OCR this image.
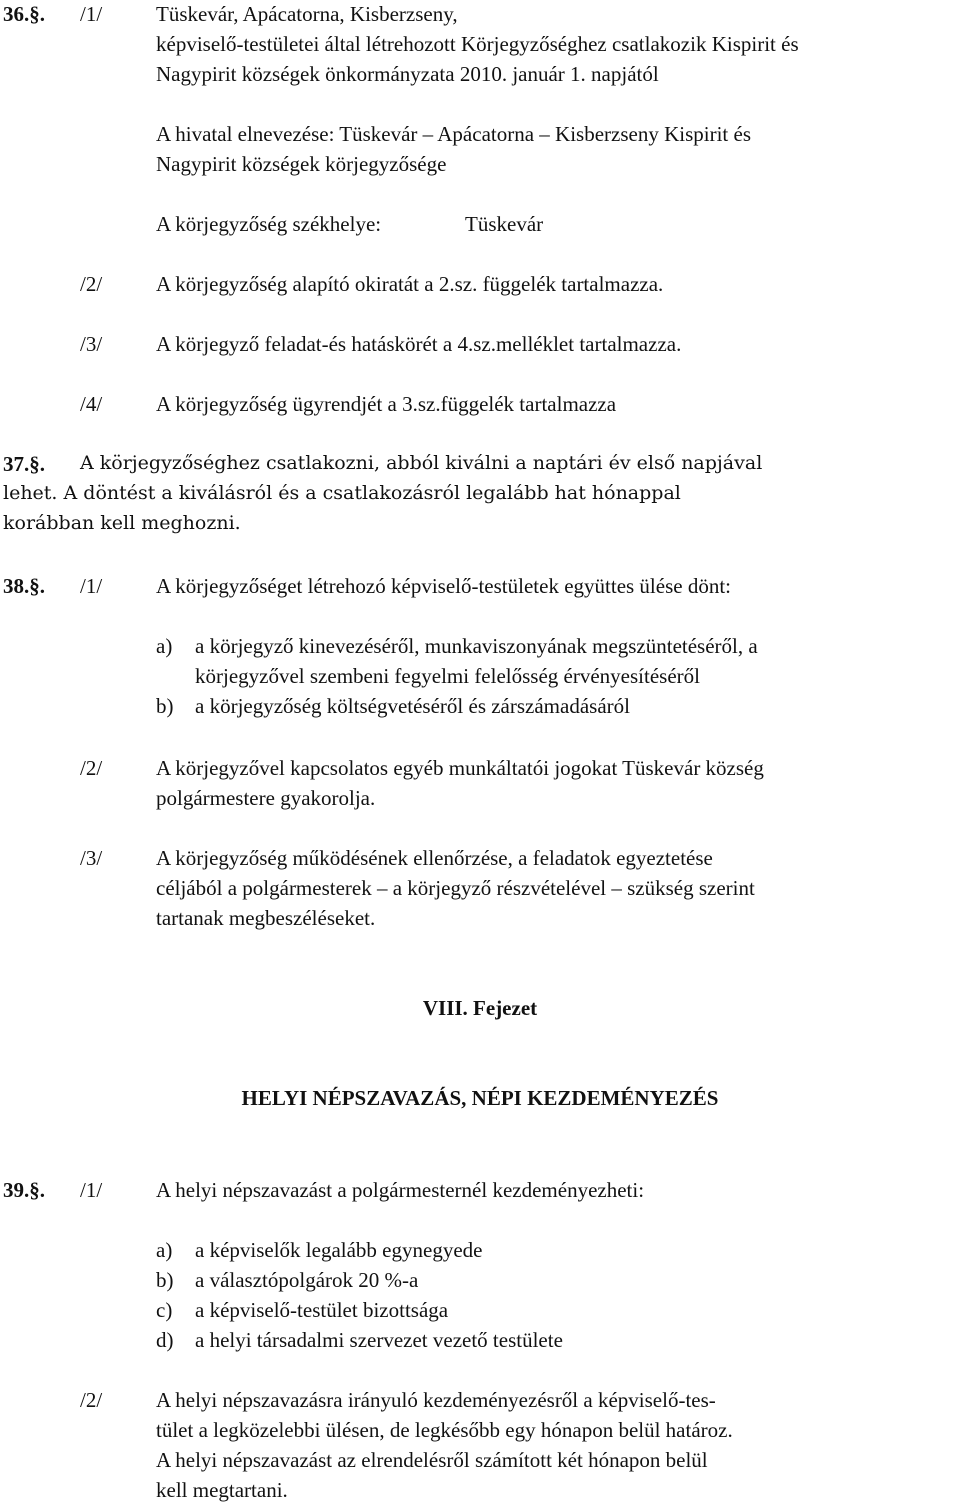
36.§. /1/	Tüskevár, Apácatorna, Kisberzseny,
képviselő-testületei által létrehozott Körjegyzőséghez csatlakozik Kispirit és
Nagypirit községek önkormányzata 2010. január 1. napjától
A hivatal elnevezése: Tüskevár – Apácatorna – Kisberzseny Kispirit és
Nagypirit községek körjegyzősége
A körjegyzőség székhelye:	Tüskevár
/2/	A körjegyzőség alapító okiratát a 2.sz. függelék tartalmazza.
/3/	A körjegyző feladat-és hatáskörét a 4.sz.melléklet tartalmazza.
/4/	A körjegyzőség ügyrendjét a 3.sz.függelék tartalmazza
37.§. A körjegyzőséghez csatlakozni, abból kiválni a naptári év első napjával
lehet. A döntést a kiválásról és a csatlakozásról legalább hat hónappal
korábban kell meghozni.
38.§. /1/	A körjegyzőséget létrehozó képviselő-testületek együttes ülése dönt:
a) a körjegyző kinevezéséről, munkaviszonyának megszüntetéséről, a
körjegyzővel szembeni fegyelmi felelősség érvényesítéséről
b) a körjegyzőség költségvetéséről és zárszámadásáról
/2/	A körjegyzővel kapcsolatos egyéb munkáltatói jogokat Tüskevár község
polgármestere gyakorolja.
/3/	A körjegyzőség működésének ellenőrzése, a feladatok egyeztetése
céljából a polgármesterek – a körjegyző részvételével – szükség szerint
tartanak megbeszéléseket.
VIII. Fejezet
HELYI NÉPSZAVAZÁS, NÉPI KEZDEMÉNYEZÉS
39.§. /1/	A helyi népszavazást a polgármesternél kezdeményezheti:
a) a képviselők legalább egynegyede
b) a választópolgárok 20 %-a
c) a képviselő-testület bizottsága
d) a helyi társadalmi szervezet vezető testülete
/2/	A helyi népszavazásra irányuló kezdeményezésről a képviselő-tes-
tület a legközelebbi ülésen, de legkésőbb egy hónapon belül határoz.
A helyi népszavazást az elrendelésről számított két hónapon belül
kell megtartani.
